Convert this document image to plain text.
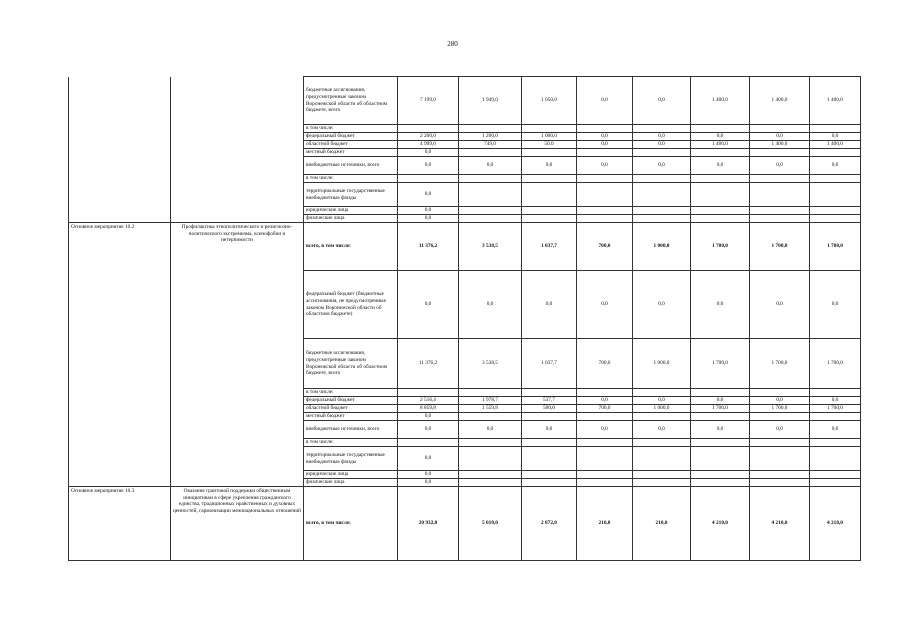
280
		бюджетные ассигнования, предусмотренные законом Воронежской области об областном бюджете, всего	7 199,0	1 949,0	1 050,0	0,0	0,0	1 400,0	1 400,0	1 400,0
		в том числе:								
		федеральный бюджет	2 200,0	1 200,0	1 000,0	0,0	0,0	0,0	0,0	0,0
		областной бюджет	4 999,0	749,0	50,0	0,0	0,0	1 400,0	1 400,0	1 400,0
		местный бюджет	0,0							
		внебюджетные источники, всего	0,0	0,0	0,0	0,0	0,0	0,0	0,0	0,0
		в том числе:								
		территориальные государственные внебюджетные фонды	0,0							
		юридические лица	0,0							
		физические лица	0,0							
Основное мероприятие 10.2	Профилактика этнополитического и религиозно-политического экстремизма, ксенофобии и нетерпимости	всего, в том числе:	11 376,2	3 538,5	1 037,7	700,0	1 000,0	1 700,0	1 700,0	1 700,0
		федеральный бюджет (бюджетные ассигнования, не предусмотренные законом Воронежской области об областном бюджете)	0,0	0,0	0,0	0,0	0,0	0,0	0,0	0,0
		бюджетные ассигнования, предусмотренные законом Воронежской области об областном бюджете, всего	11 376,2	3 538,5	1 037,7	700,0	1 000,0	1 700,0	1 700,0	1 700,0
		в том числе:								
		федеральный бюджет	2 516,4	1 978,7	537,7	0,0	0,0	0,0	0,0	0,0
		областной бюджет	8 859,8	1 559,8	500,0	700,0	1 000,0	1 700,0	1 700,0	1 700,0
		местный бюджет	0,0							
		внебюджетные источники, всего	0,0	0,0	0,0	0,0	0,0	0,0	0,0	0,0
		в том числе:								
		территориальные государственные внебюджетные фонды	0,0							
		юридические лица	0,0							
		физические лица	0,0							
Основное мероприятие 10.3	Оказание грантовой поддержки общественным инициативам в сфере укрепления гражданского единства, традиционных нравственных и духовных ценностей, гармонизации межнациональных отношений	всего, в том числе:	20 932,0	5 010,0	2 872,0	210,0	210,0	4 210,0	4 210,0	4 210,0
